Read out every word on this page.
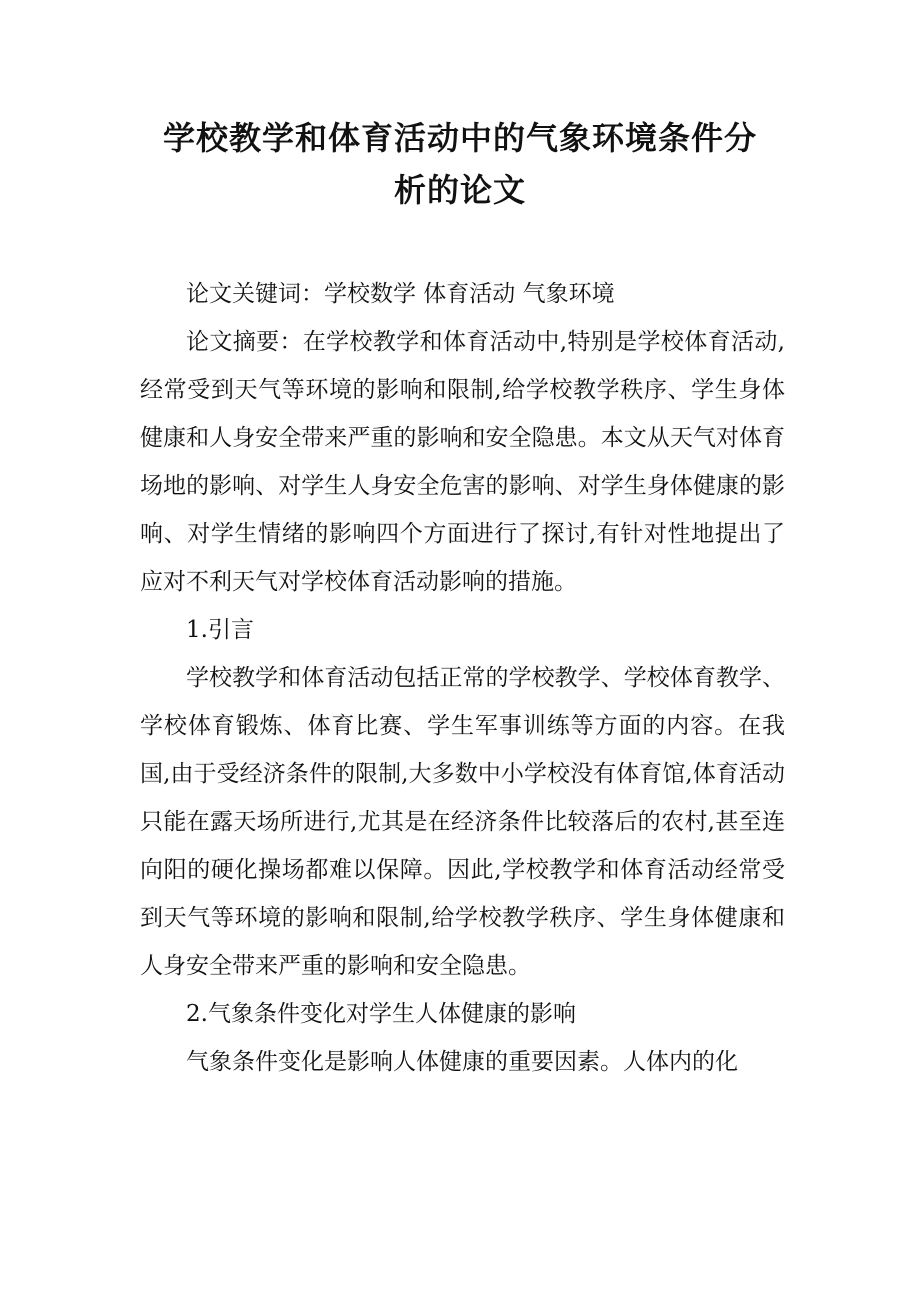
学校教学和体育活动中的气象环境条件分
析的论文

论文关键词：学校数学 体育活动 气象环境

论文摘要：在学校教学和体育活动中,特别是学校体育活动,经常受到天气等环境的影响和限制,给学校教学秩序、学生身体健康和人身安全带来严重的影响和安全隐患。本文从天气对体育场地的影响、对学生人身安全危害的影响、对学生身体健康的影响、对学生情绪的影响四个方面进行了探讨,有针对性地提出了应对不利天气对学校体育活动影响的措施。

1.引言

学校教学和体育活动包括正常的学校教学、学校体育教学、学校体育锻炼、体育比赛、学生军事训练等方面的内容。在我国,由于受经济条件的限制,大多数中小学校没有体育馆,体育活动只能在露天场所进行,尤其是在经济条件比较落后的农村,甚至连向阳的硬化操场都难以保障。因此,学校教学和体育活动经常受到天气等环境的影响和限制,给学校教学秩序、学生身体健康和人身安全带来严重的影响和安全隐患。

2.气象条件变化对学生人体健康的影响

气象条件变化是影响人体健康的重要因素。人体内的化
